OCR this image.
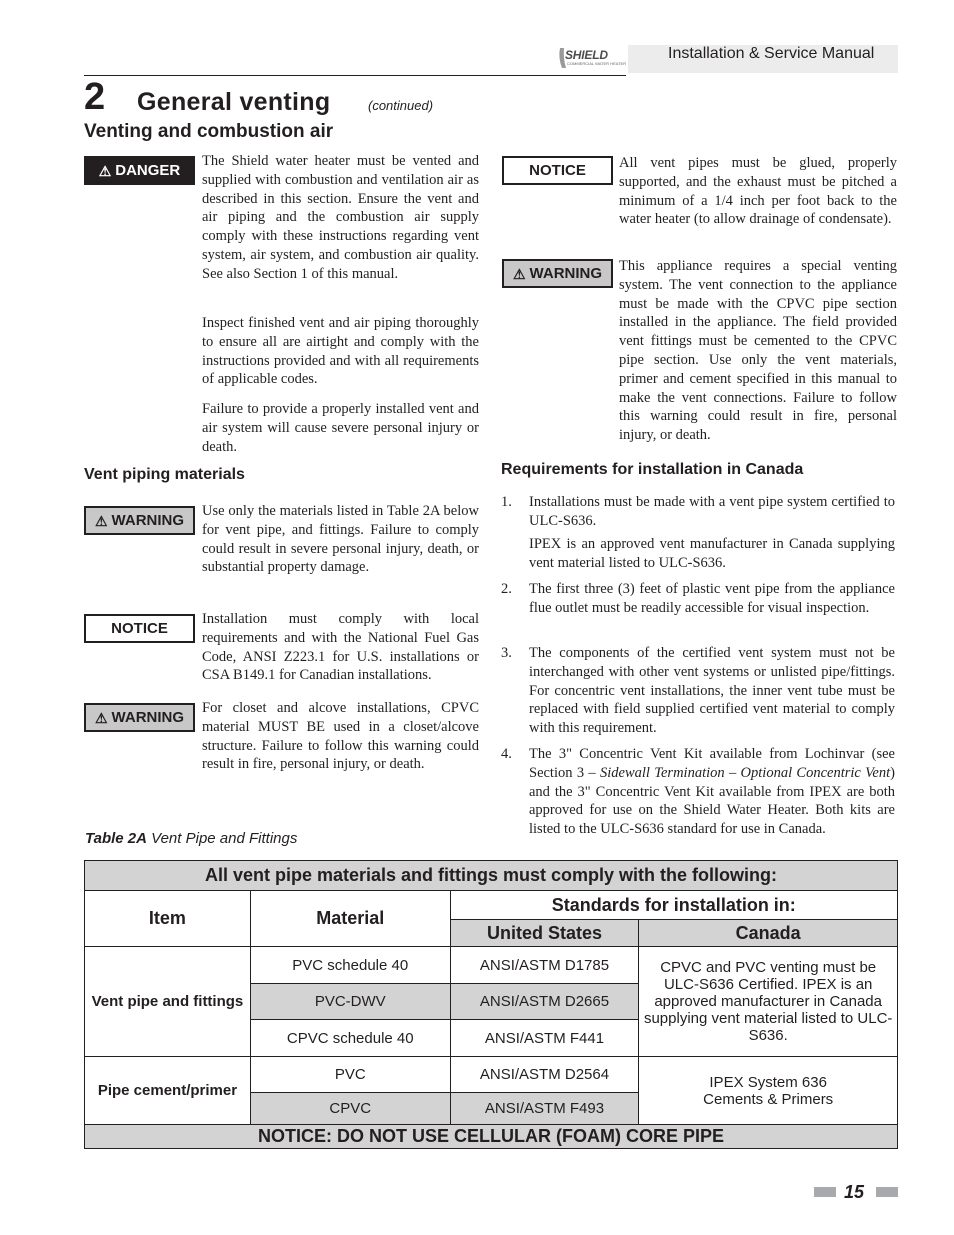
SHIELD
COMMERCIAL WATER HEATER
Installation & Service Manual
2 General venting	(continued)
Venting and combustion air
⚠ DANGER

The Shield water heater must be vented and supplied with combustion and ventilation air as described in this section. Ensure the vent and air piping and the combustion air supply comply with these instructions regarding vent system, air system, and combustion air quality. See also Section 1 of this manual.

Inspect finished vent and air piping thoroughly to ensure all are airtight and comply with the instructions provided and with all requirements of applicable codes.

Failure to provide a properly installed vent and air system will cause severe personal injury or death.

Vent piping materials
⚠ WARNING

Use only the materials listed in Table 2A below for vent pipe, and fittings. Failure to comply could result in severe personal injury, death, or substantial property damage.

NOTICE

Installation must comply with local requirements and with the National Fuel Gas Code, ANSI Z223.1 for U.S. installations or CSA B149.1 for Canadian installations.

⚠ WARNING

For closet and alcove installations, CPVC material MUST BE used in a closet/alcove structure. Failure to follow this warning could result in fire, personal injury, or death.

NOTICE All vent pipes must be glued, properly supported, and the exhaust must be pitched a minimum of a 1/4 inch per foot back to the water heater (to allow drainage of condensate).

⚠ WARNING This appliance requires a special venting system. The vent connection to the appliance must be made with the CPVC pipe section installed in the appliance. The field provided vent fittings must be cemented to the CPVC pipe section. Use only the vent materials, primer and cement specified in this manual to make the vent connections. Failure to follow this warning could result in fire, personal injury, or death.

Requirements for installation in Canada
1. Installations must be made with a vent pipe system certified to ULC-S636.

IPEX is an approved vent manufacturer in Canada supplying vent material listed to ULC-S636.

2. The first three (3) feet of plastic vent pipe from the appliance flue outlet must be readily accessible for visual inspection.

3. The components of the certified vent system must not be interchanged with other vent systems or unlisted pipe/fittings. For concentric vent installations, the inner vent tube must be replaced with field supplied certified vent material to comply with this requirement.

4. The 3" Concentric Vent Kit available from Lochinvar (see Section 3 – Sidewall Termination – Optional Concentric Vent) and the 3" Concentric Vent Kit available from IPEX are both approved for use on the Shield Water Heater. Both kits are listed to the ULC-S636 standard for use in Canada.

Table 2A Vent Pipe and Fittings
All vent pipe materials and fittings must comply with the following:			
Item	Material	Standards for installation in:	
		United States	Canada
Vent pipe and fittings	PVC schedule 40	ANSI/ASTM D1785	CPVC and PVC venting must be ULC-S636 Certified. IPEX is an approved manufacturer in Canada supplying vent material listed to ULC-S636.
	PVC-DWV	ANSI/ASTM D2665	
	CPVC schedule 40	ANSI/ASTM F441	
Pipe cement/primer	PVC	ANSI/ASTM D2564	IPEX System 636
Cements & Primers
	CPVC	ANSI/ASTM F493	
NOTICE: DO NOT USE CELLULAR (FOAM) CORE PIPE			
15
